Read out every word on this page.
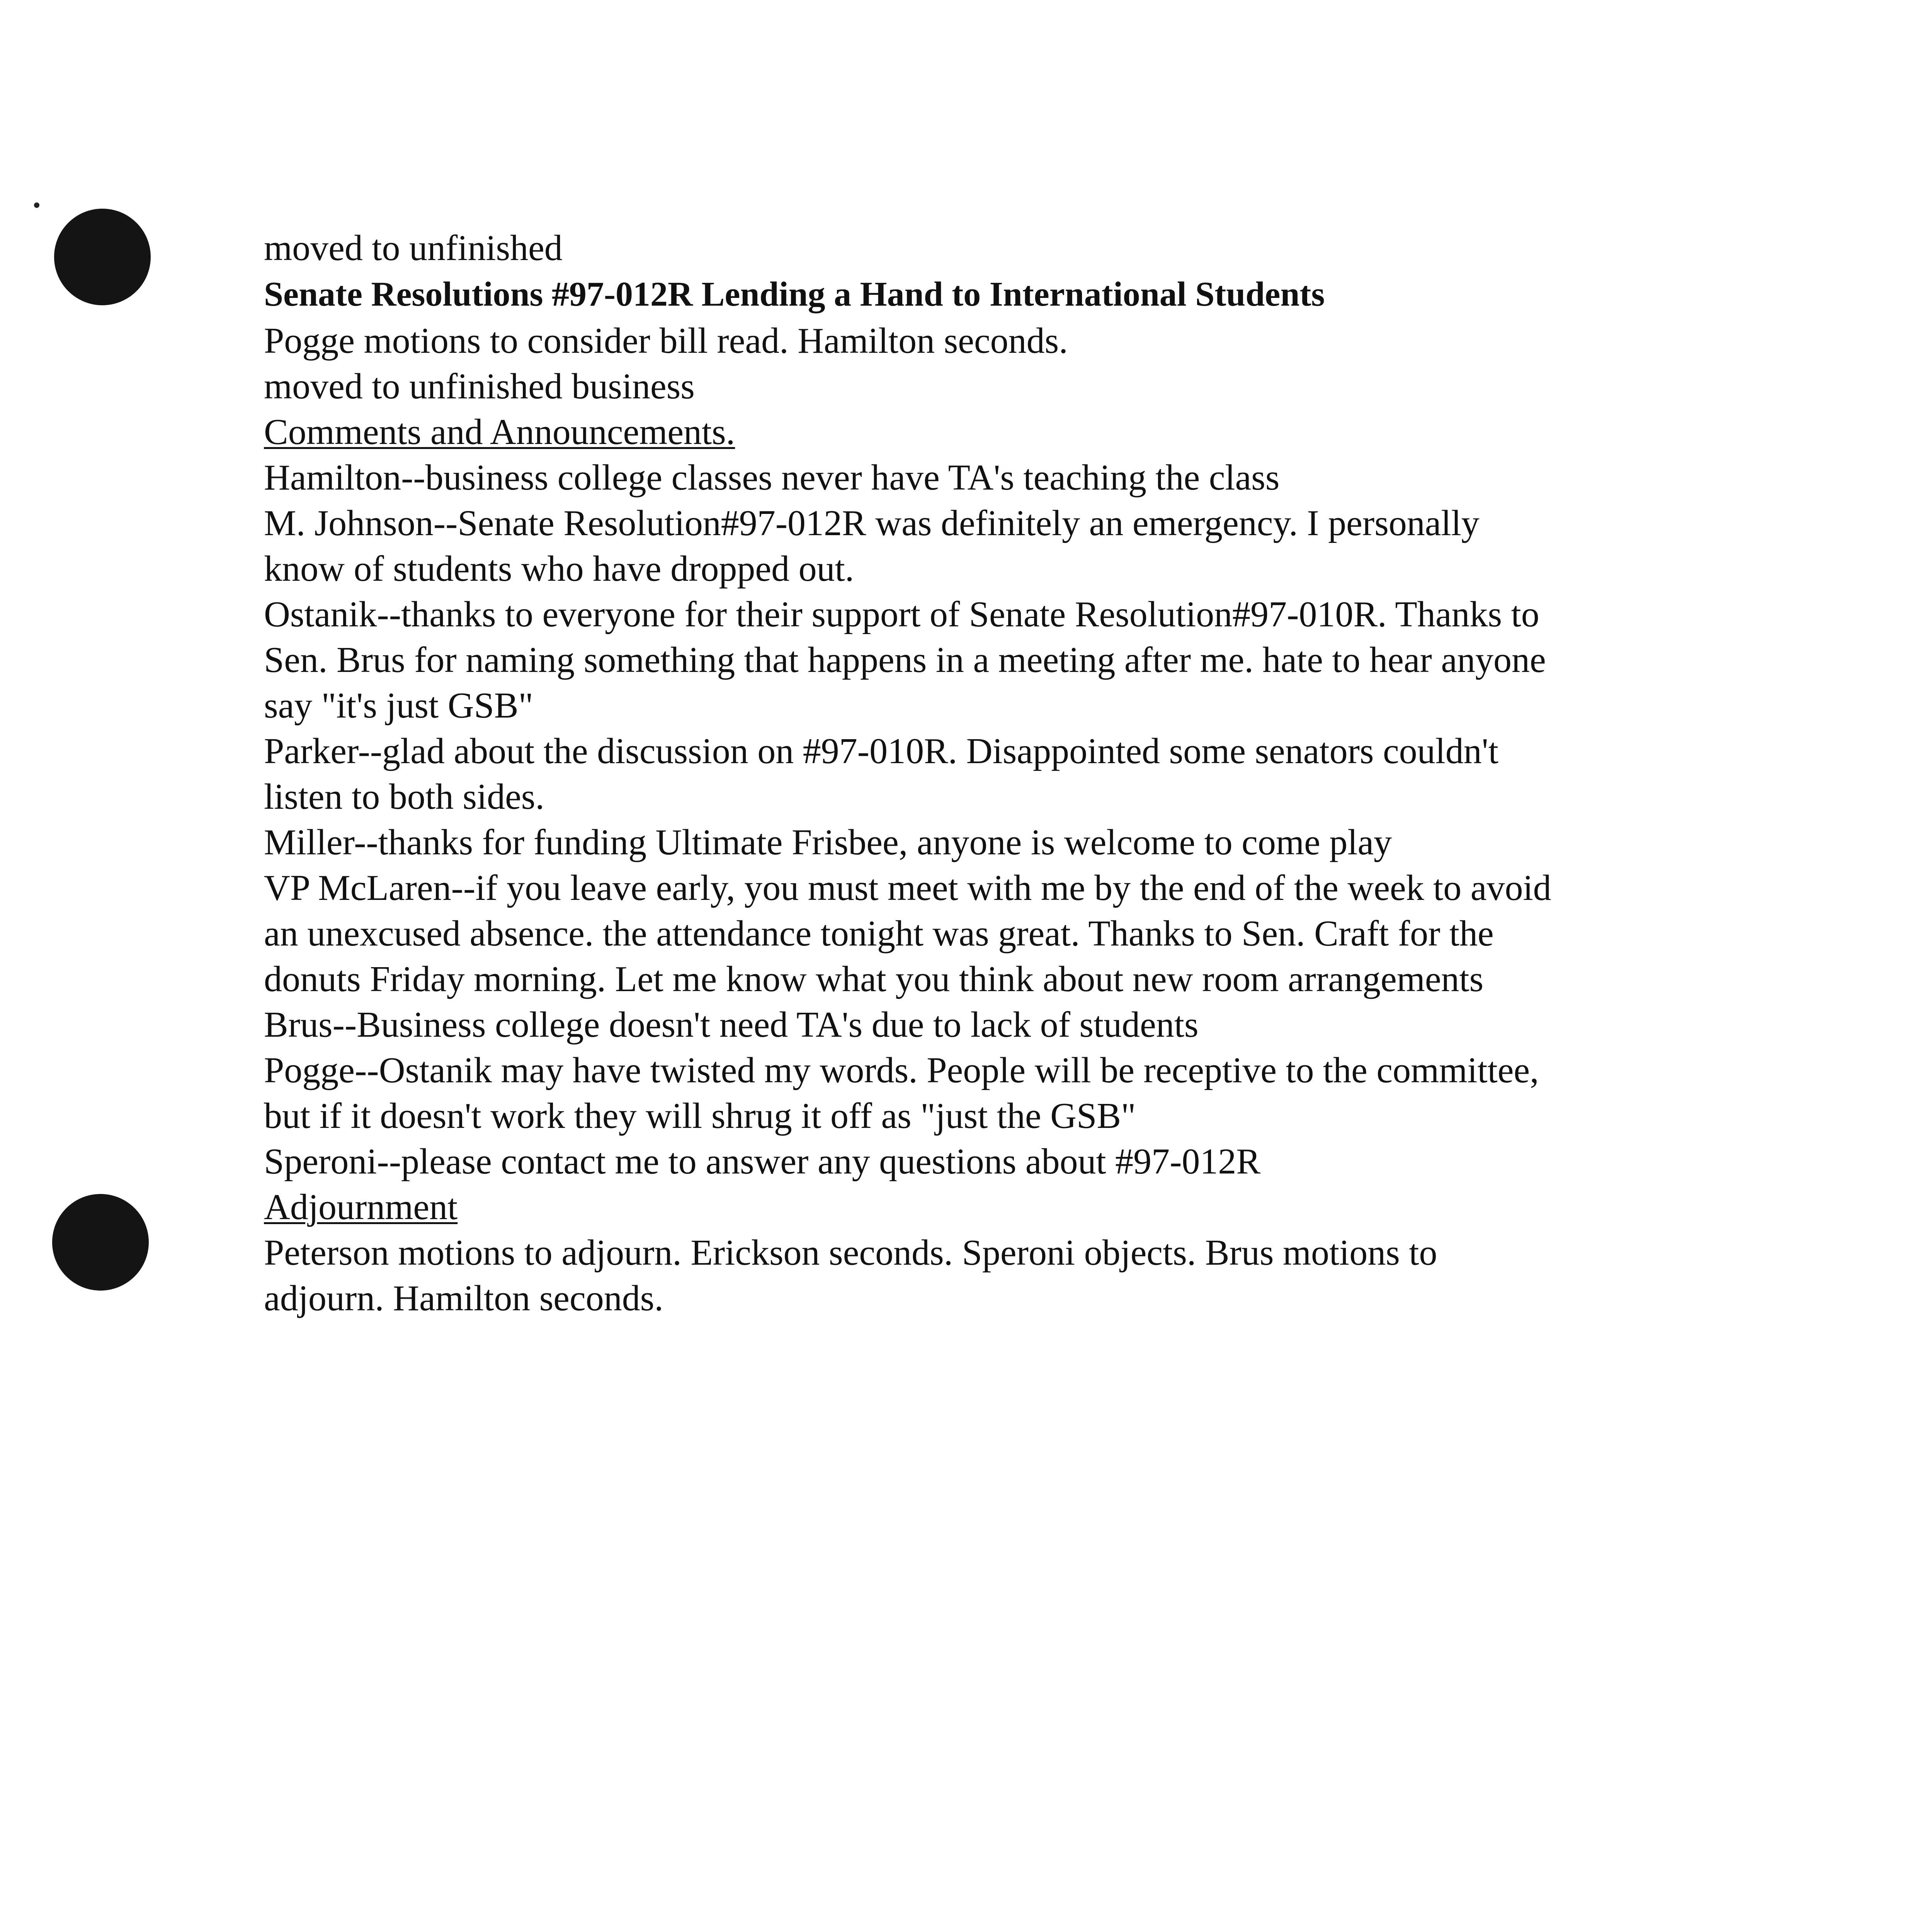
moved to unfinished
Senate Resolutions #97-012R Lending a Hand to International Students
Pogge motions to consider bill read. Hamilton seconds.
moved to unfinished business
Comments and Announcements.
Hamilton--business college classes never have TA's teaching the class
M. Johnson--Senate Resolution#97-012R was definitely an emergency. I personally
know of students who have dropped out.
Ostanik--thanks to everyone for their support of Senate Resolution#97-010R. Thanks to
Sen. Brus for naming something that happens in a meeting after me. hate to hear anyone
say "it's just GSB"
Parker--glad about the discussion on #97-010R. Disappointed some senators couldn't
listen to both sides.
Miller--thanks for funding Ultimate Frisbee, anyone is welcome to come play
VP McLaren--if you leave early, you must meet with me by the end of the week to avoid
an unexcused absence. the attendance tonight was great. Thanks to Sen. Craft for the
donuts Friday morning. Let me know what you think about new room arrangements
Brus--Business college doesn't need TA's due to lack of students
Pogge--Ostanik may have twisted my words. People will be receptive to the committee,
but if it doesn't work they will shrug it off as "just the GSB"
Speroni--please contact me to answer any questions about #97-012R
Adjournment
Peterson motions to adjourn. Erickson seconds. Speroni objects. Brus motions to
adjourn. Hamilton seconds.
